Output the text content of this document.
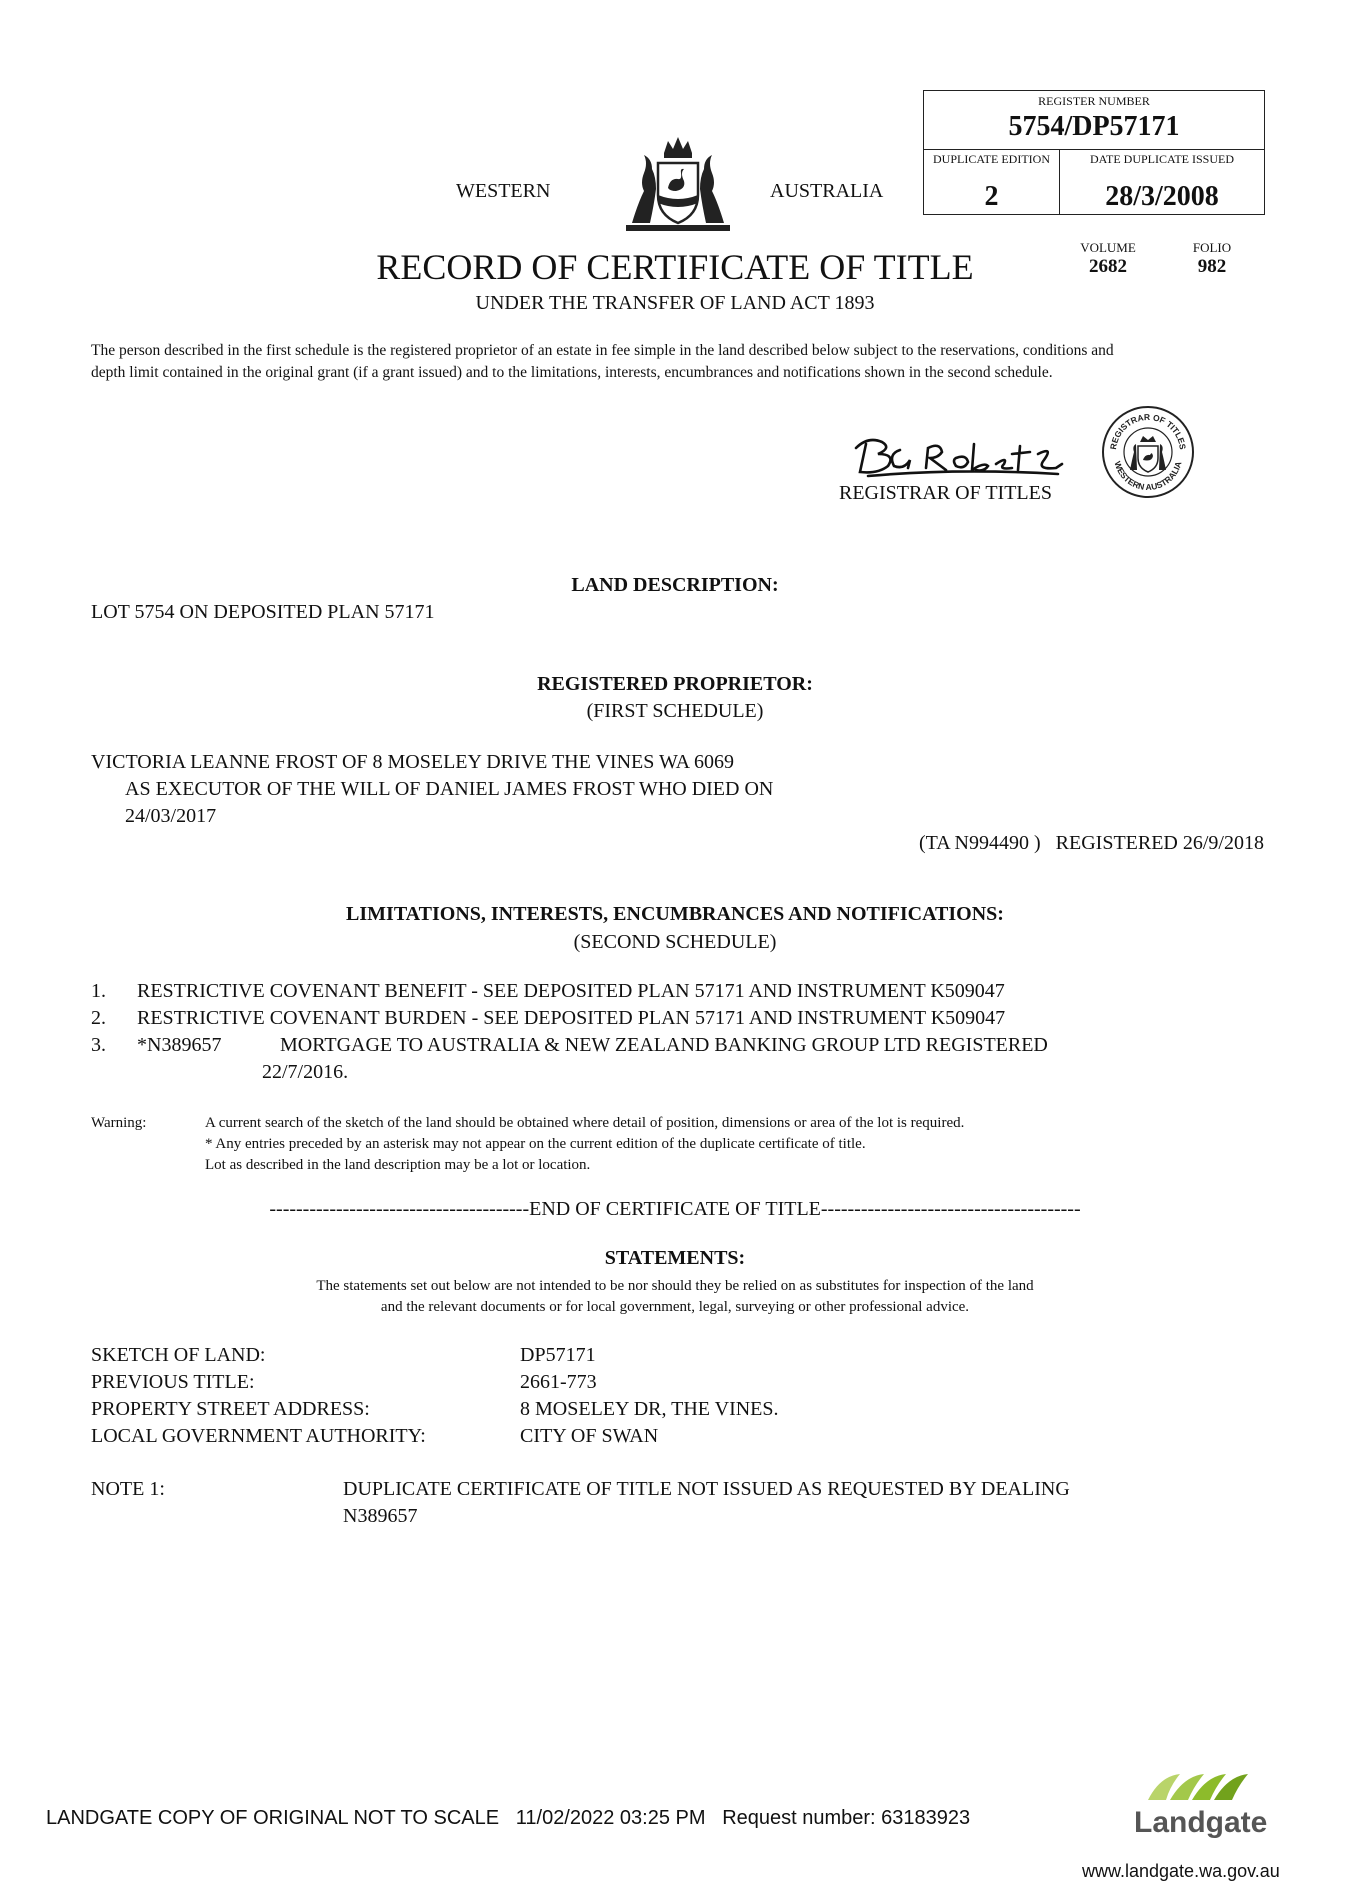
WESTERN	AUSTRALIA
REGISTER NUMBER
5754/DP57171
DUPLICATE EDITION
2
DATE DUPLICATE ISSUED
28/3/2008
VOLUME
2682
FOLIO
982
RECORD OF CERTIFICATE OF TITLE
UNDER THE TRANSFER OF LAND ACT 1893
The person described in the first schedule is the registered proprietor of an estate in fee simple in the land described below subject to the reservations, conditions and depth limit contained in the original grant (if a grant issued) and to the limitations, interests, encumbrances and notifications shown in the second schedule.
REGISTRAR OF TITLES
REGISTRAR OF TITLES
WESTERN AUSTRALIA
LAND DESCRIPTION:
LOT 5754 ON DEPOSITED PLAN 57171
REGISTERED PROPRIETOR:
(FIRST SCHEDULE)
VICTORIA LEANNE FROST OF 8 MOSELEY DRIVE THE VINES WA 6069
AS EXECUTOR OF THE WILL OF DANIEL JAMES FROST WHO DIED ON
24/03/2017
(TA N994490 )   REGISTERED 26/9/2018
LIMITATIONS, INTERESTS, ENCUMBRANCES AND NOTIFICATIONS:
(SECOND SCHEDULE)
1. RESTRICTIVE COVENANT BENEFIT - SEE DEPOSITED PLAN 57171 AND INSTRUMENT K509047
2. RESTRICTIVE COVENANT BURDEN - SEE DEPOSITED PLAN 57171 AND INSTRUMENT K509047
3. *N389657	MORTGAGE TO AUSTRALIA & NEW ZEALAND BANKING GROUP LTD REGISTERED
22/7/2016.
Warning:	A current search of the sketch of the land should be obtained where detail of position, dimensions or area of the lot is required.
* Any entries preceded by an asterisk may not appear on the current edition of the duplicate certificate of title.
Lot as described in the land description may be a lot or location.
---------------------------------------END OF CERTIFICATE OF TITLE---------------------------------------
STATEMENTS:
The statements set out below are not intended to be nor should they be relied on as substitutes for inspection of the land
and the relevant documents or for local government, legal, surveying or other professional advice.
SKETCH OF LAND:	DP57171
PREVIOUS TITLE:	2661-773
PROPERTY STREET ADDRESS:	8 MOSELEY DR, THE VINES.
LOCAL GOVERNMENT AUTHORITY:	CITY OF SWAN
NOTE 1:	DUPLICATE CERTIFICATE OF TITLE NOT ISSUED AS REQUESTED BY DEALING
N389657
LANDGATE COPY OF ORIGINAL NOT TO SCALE   11/02/2022 03:25 PM   Request number: 63183923	Landgate
www.landgate.wa.gov.au
